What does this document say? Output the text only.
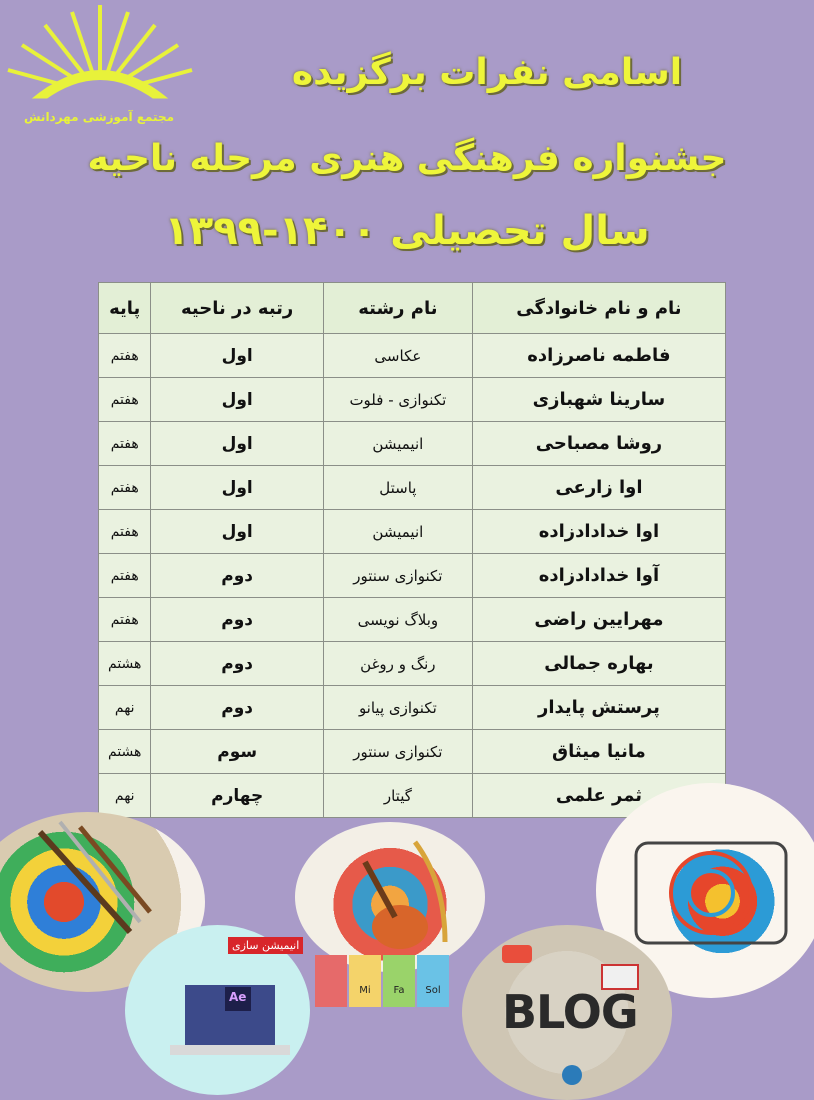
مجتمع آموزشی مهردانش
اسامی نفرات برگزیده
جشنواره فرهنگی هنری مرحله ناحیه
سال تحصیلی ۱۴۰۰-۱۳۹۹
نام و نام خانوادگی	نام رشته	رتبه در ناحیه	پایه
فاطمه ناصرزاده	عکاسی	اول	هفتم
سارینا شهبازی	تکنوازی - فلوت	اول	هفتم
روشا مصباحی	انیمیشن	اول	هفتم
اوا زارعی	پاستل	اول	هفتم
اوا خدادادزاده	انیمیشن	اول	هفتم
آوا خدادادزاده	تکنوازی سنتور	دوم	هفتم
مهرایین راضی	وبلاگ نویسی	دوم	هفتم
بهاره جمالی	رنگ و روغن	دوم	هشتم
پرستش پایدار	تکنوازی پیانو	دوم	نهم
مانیا میثاق	تکنوازی سنتور	سوم	هشتم
ثمر علمی	گیتار	چهارم	نهم
Ae
انیمیشن سازی
Mi	Fa	Sol BLOG
